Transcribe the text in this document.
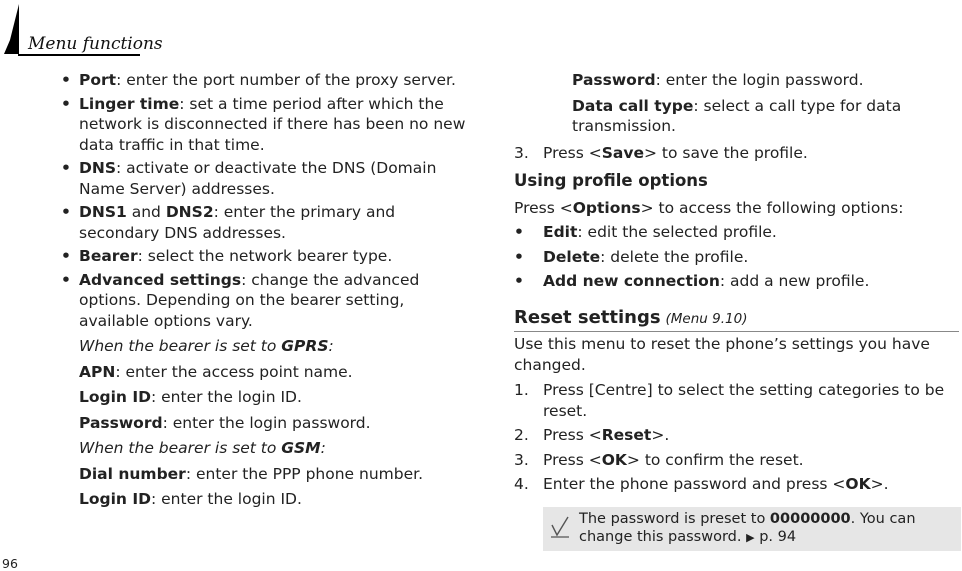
Menu functions
• Port: enter the port number of the proxy server.
• Linger time: set a time period after which the network is disconnected if there has been no new data traffic in that time.
• DNS: activate or deactivate the DNS (Domain Name Server) addresses.
• DNS1 and DNS2: enter the primary and secondary DNS addresses.
• Bearer: select the network bearer type.
• Advanced settings: change the advanced options. Depending on the bearer setting, available options vary.
When the bearer is set to GPRS:
APN: enter the access point name.
Login ID: enter the login ID.
Password: enter the login password.
When the bearer is set to GSM:
Dial number: enter the PPP phone number.
Login ID: enter the login ID.
Password: enter the login password.
Data call type: select a call type for data transmission.
3. Press <Save> to save the profile.
Using profile options
Press <Options> to access the following options:
• Edit: edit the selected profile.
• Delete: delete the profile.
• Add new connection: add a new profile.
Reset settings (Menu 9.10)
Use this menu to reset the phone’s settings you have changed.
1. Press [Centre] to select the setting categories to be reset.
2. Press <Reset>.
3. Press <OK> to confirm the reset.
4. Enter the phone password and press <OK>.
The password is preset to 00000000. You can change this password. ▶ p. 94
96
